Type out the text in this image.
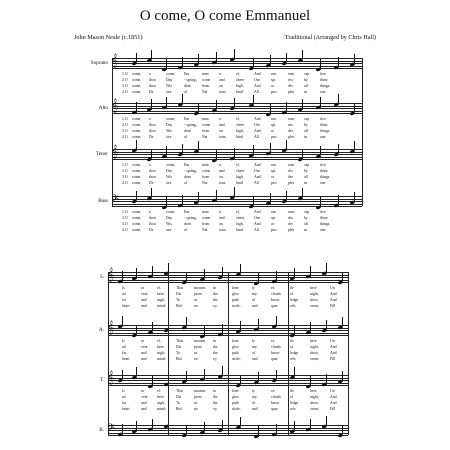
O come, O come Emmanuel
John Mason Neale (c.1851)	Traditional (Arranged by Chris Hall)
Soprano 𝄞
1.O come, o	come, Em	man	u	el,	And	ran	som	cap	tive
2.O come, thou	Day	- spring, come and	cheer	Our	spi	rits	by	thine
3.O come, thou	Wis	dom	from	on	high,	And	or	der	all	things,
4.O come, De	sire	of	Nat	ions,	bind	All	peo	ples	in	one
Alto 𝄞
1.O come, o	come, Em	man	u	el,	And	ran	som	cap	tive
2.O come, thou	Day	- spring, come and	cheer	Our	spi	rits	by	thine
3.O come, thou	Wis	dom	from	on	high,	And	or	der	all	things,
4.O come, De	sire	of	Nat	ions,	bind	All	peo	ples	in	one
Tenor 𝄞
1.O come, o	come, Em	man	u	el,	And	ran	som	cap	tive
2.O come, thou	Day	- spring, come and	cheer	Our	spi	rits	by	thine
3.O come, thou	Wis	dom	from	on	high,	And	or	der	all	things,
4.O come, De	sire	of	Nat	ions,	bind	All	peo	ples	in	one
Bass 𝄢
1.O come, o	come, Em	man	u	el,	And	ran	som	cap	tive
2.O come, thou	Day	- spring, come and	cheer	Our	spi	rits	by	thine
3.O come, thou	Wis	dom	from	on	high,	And	or	der	all	things,
4.O come, De	sire	of	Nat	ions,	bind	All	peo	ples	in	one
S. 𝄞
Is	ra	el,	That	mourns in	lone	ly	ex	ile	here	Un
ad	vent here;	Dis	perse	the	gloo	my	clouds of	night,	And
far	and	nigh;	To	us	the	path	of	know	ledge	show,	And
heart	and	mind;	Bid	en	vy,	strife,	and	quar	rels	cease;	Fill
A. 𝄞
Is	ra	el,	That	mourns in	lone	ly	ex	ile	here	Un
ad	vent here;	Dis	perse	the	gloo	my	clouds of	night,	And
far	and	nigh;	To	us	the	path	of	know	ledge	show,	And
heart	and	mind;	Bid	en	vy,	strife,	and	quar	rels	cease;	Fill
T. 𝄞
Is	ra	el,	That	mourns in	lone	ly	ex	ile	here	Un
ad	vent here;	Dis	perse	the	gloo	my	clouds of	night,	And
far	and	nigh;	To	us	the	path	of	know	ledge	show,	And
heart	and	mind;	Bid	en	vy,	strife,	and	quar	rels	cease;	Fill
B. 𝄢
